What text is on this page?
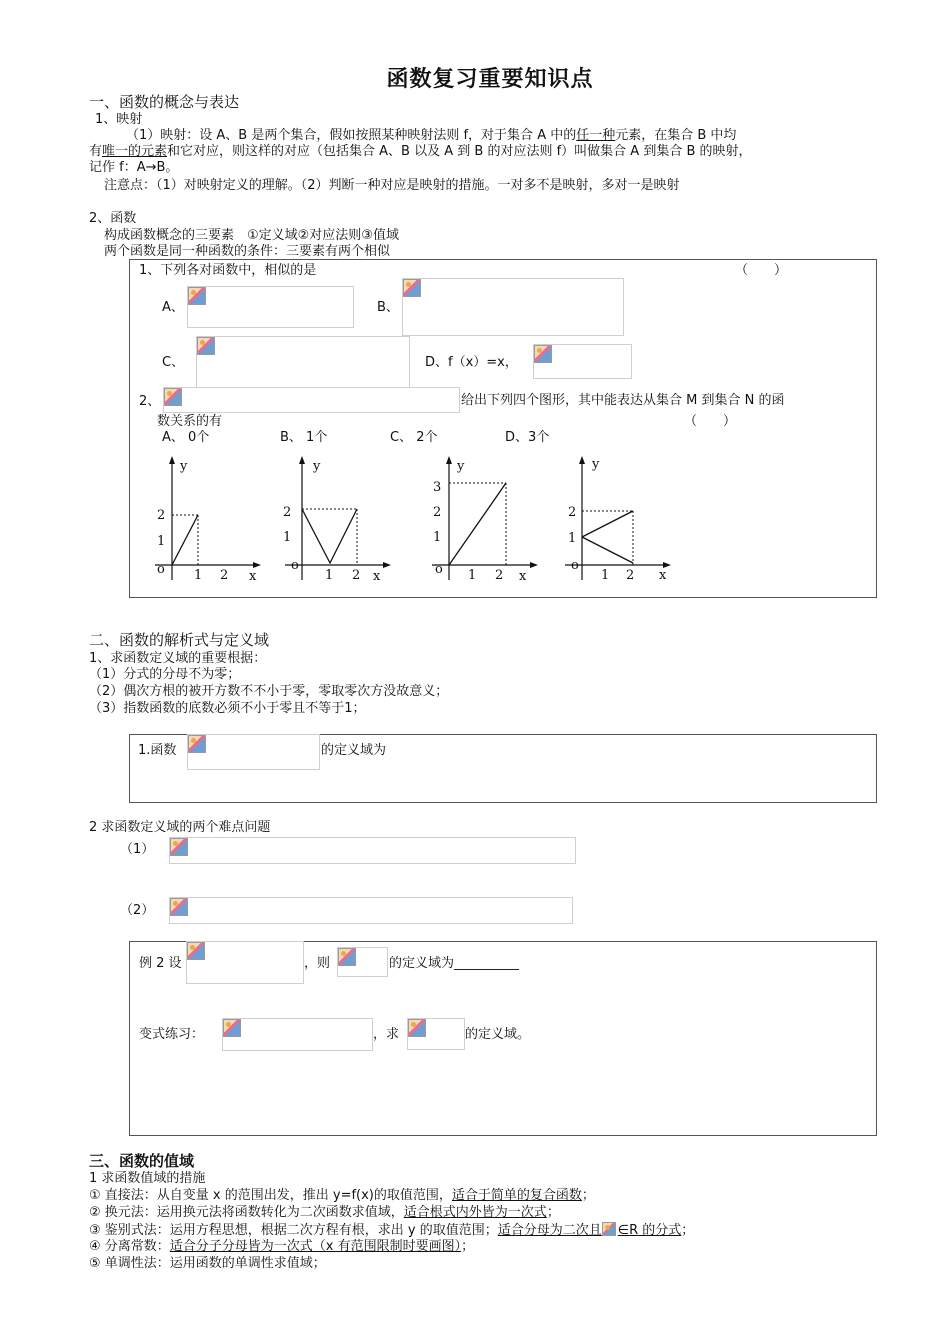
函数复习重要知识点
一、函数的概念与表达
1、映射
（1）映射：设 A、B 是两个集合，假如按照某种映射法则 f，对于集合 A 中的任一种元素，在集合 B 中均
有唯一的元素和它对应，则这样的对应（包括集合 A、B 以及 A 到 B 的对应法则 f）叫做集合 A 到集合 B 的映射，
记作 f：A→B。
注意点：（1）对映射定义的理解。（2）判断一种对应是映射的措施。一对多不是映射，多对一是映射
2、函数
构成函数概念的三要素　①定义域②对应法则③值域
两个函数是同一种函数的条件：三要素有两个相似
1、下列各对函数中，相似的是	（　　）
A、	B、
C、	D、f（x）=x，
2、	给出下列四个图形，其中能表达从集合 M 到集合 N 的函
数关系的有	（　　）
A、 0个	B、 1个	C、 2个	D、3个
y
x
o 1 2
1
2
y
x
o
1 2
1
2
y
x
o 1 2
1
2
3
y
x
o
1 2
1
2
二、函数的解析式与定义域
1、求函数定义域的重要根据：
（1）分式的分母不为零；
（2）偶次方根的被开方数不不小于零，零取零次方没故意义；
（3）指数函数的底数必须不小于零且不等于1；
1.函数	的定义域为
2 求函数定义域的两个难点问题
（1）
（2）
例 2 设	，则	的定义域为__________
变式练习：	，求	的定义域。
三、函数的值域
1 求函数值域的措施
① 直接法：从自变量 x 的范围出发，推出 y=f(x)的取值范围，适合于简单的复合函数；
② 换元法：运用换元法将函数转化为二次函数求值域，适合根式内外皆为一次式；
③ 鉴别式法：运用方程思想，根据二次方程有根，求出 y 的取值范围；适合分母为二次且 ∈R 的分式；
④ 分离常数：适合分子分母皆为一次式（x 有范围限制时要画图）；
⑤ 单调性法：运用函数的单调性求值域；
